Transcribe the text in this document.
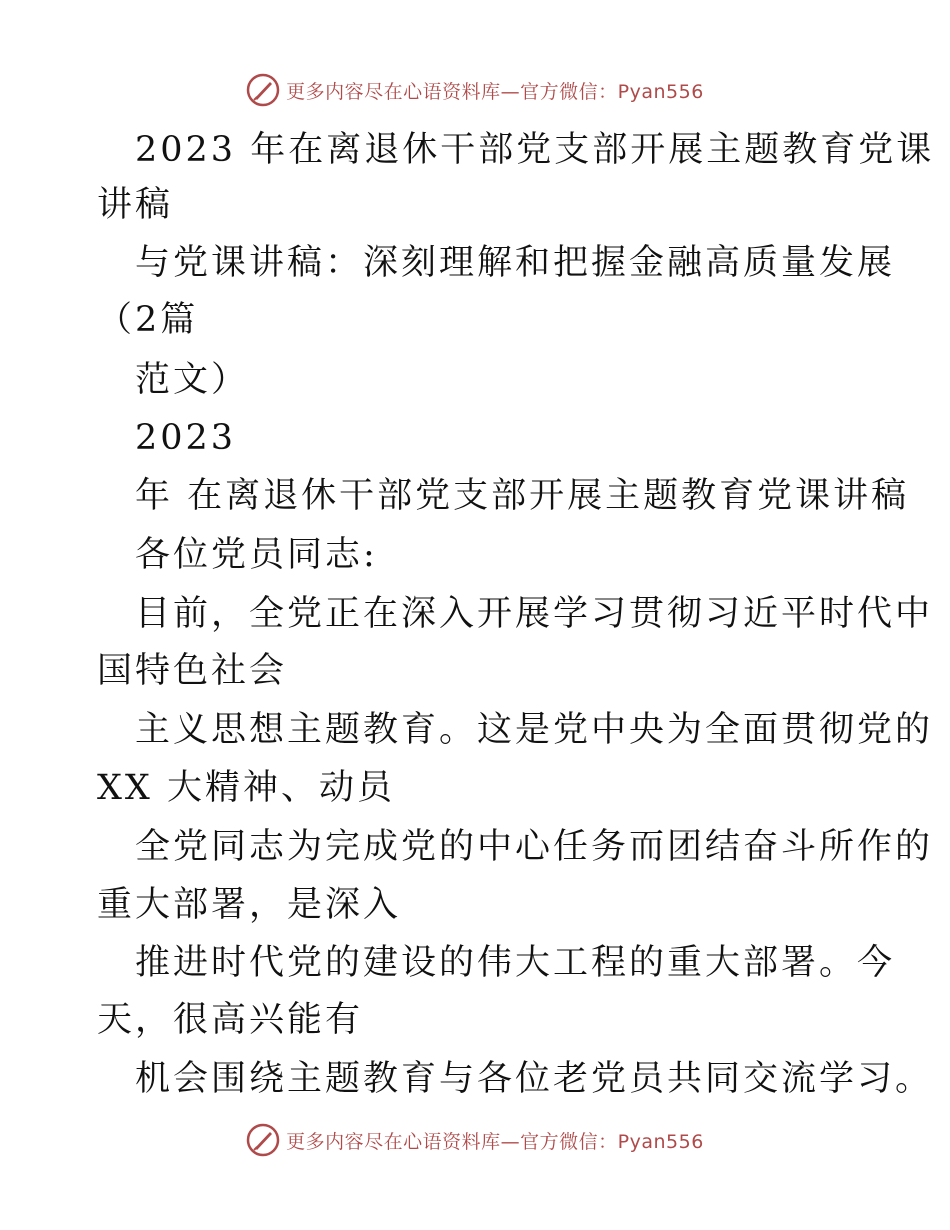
更多内容尽在心语资料库—官方微信：Pyan556
2023 年在离退休干部党支部开展主题教育党课
讲稿
与党课讲稿：深刻理解和把握金融高质量发展
（2篇
范文）
2023
年 在离退休干部党支部开展主题教育党课讲稿
各位党员同志:
目前，全党正在深入开展学习贯彻习近平时代中
国特色社会
主义思想主题教育。这是党中央为全面贯彻党的
XX 大精神、动员
全党同志为完成党的中心任务而团结奋斗所作的
重大部署，是深入
推进时代党的建设的伟大工程的重大部署。今
天，很高兴能有
机会围绕主题教育与各位老党员共同交流学习。
更多内容尽在心语资料库—官方微信：Pyan556
